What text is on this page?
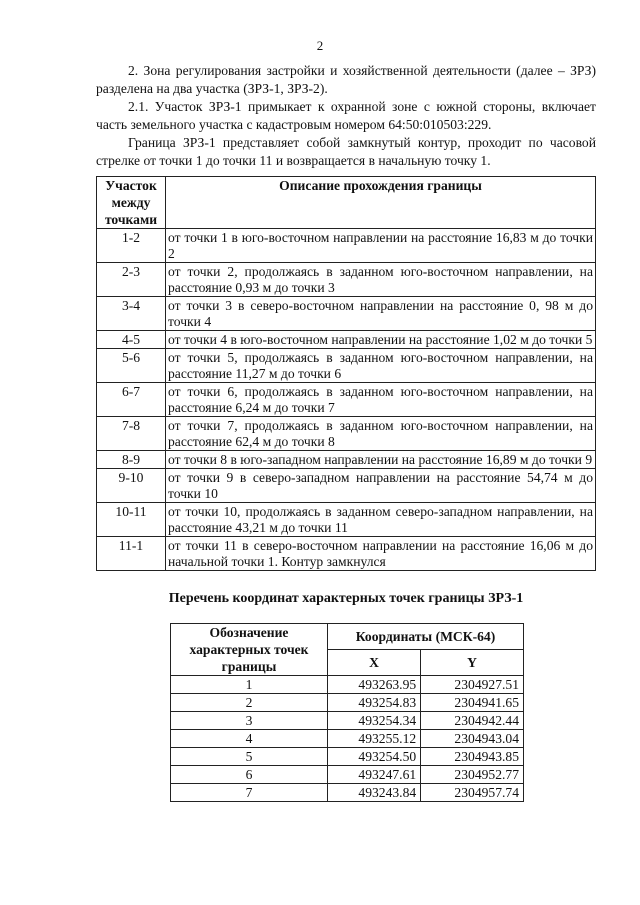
2

2. Зона регулирования застройки и хозяйственной деятельности (далее – ЗРЗ) разделена на два участка (ЗРЗ-1, ЗРЗ-2).

2.1. Участок ЗРЗ-1 примыкает к охранной зоне с южной стороны, включает часть земельного участка с кадастровым номером 64:50:010503:229.

Граница ЗРЗ-1 представляет собой замкнутый контур, проходит по часовой стрелке от точки 1 до точки 11 и возвращается в начальную точку 1.

Участок между точками	Описание прохождения границы
1-2	от точки 1 в юго-восточном направлении на расстояние 16,83 м до точки 2
2-3	от точки 2, продолжаясь в заданном юго-восточном направлении, на расстояние 0,93 м до точки 3
3-4	от точки 3 в северо-восточном направлении на расстояние 0, 98 м до точки 4
4-5	от точки 4 в юго-восточном направлении на расстояние 1,02 м до точки 5
5-6	от точки 5, продолжаясь в заданном юго-восточном направлении, на расстояние 11,27 м до точки 6
6-7	от точки 6, продолжаясь в заданном юго-восточном направлении, на расстояние 6,24 м до точки 7
7-8	от точки 7, продолжаясь в заданном юго-восточном направлении, на расстояние 62,4 м до точки 8
8-9	от точки 8 в юго-западном направлении на расстояние 16,89 м до точки 9
9-10	от точки 9 в северо-западном направлении на расстояние 54,74 м до точки 10
10-11	от точки 10, продолжаясь в заданном северо-западном направлении, на расстояние 43,21 м до точки 11
11-1	от точки 11 в северо-восточном направлении на расстояние 16,06 м до начальной точки 1. Контур замкнулся
Перечень координат характерных точек границы ЗРЗ-1
Обозначение характерных точек границы	Координаты (МСК-64)	
	X	Y
1	493263.95	2304927.51
2	493254.83	2304941.65
3	493254.34	2304942.44
4	493255.12	2304943.04
5	493254.50	2304943.85
6	493247.61	2304952.77
7	493243.84	2304957.74
